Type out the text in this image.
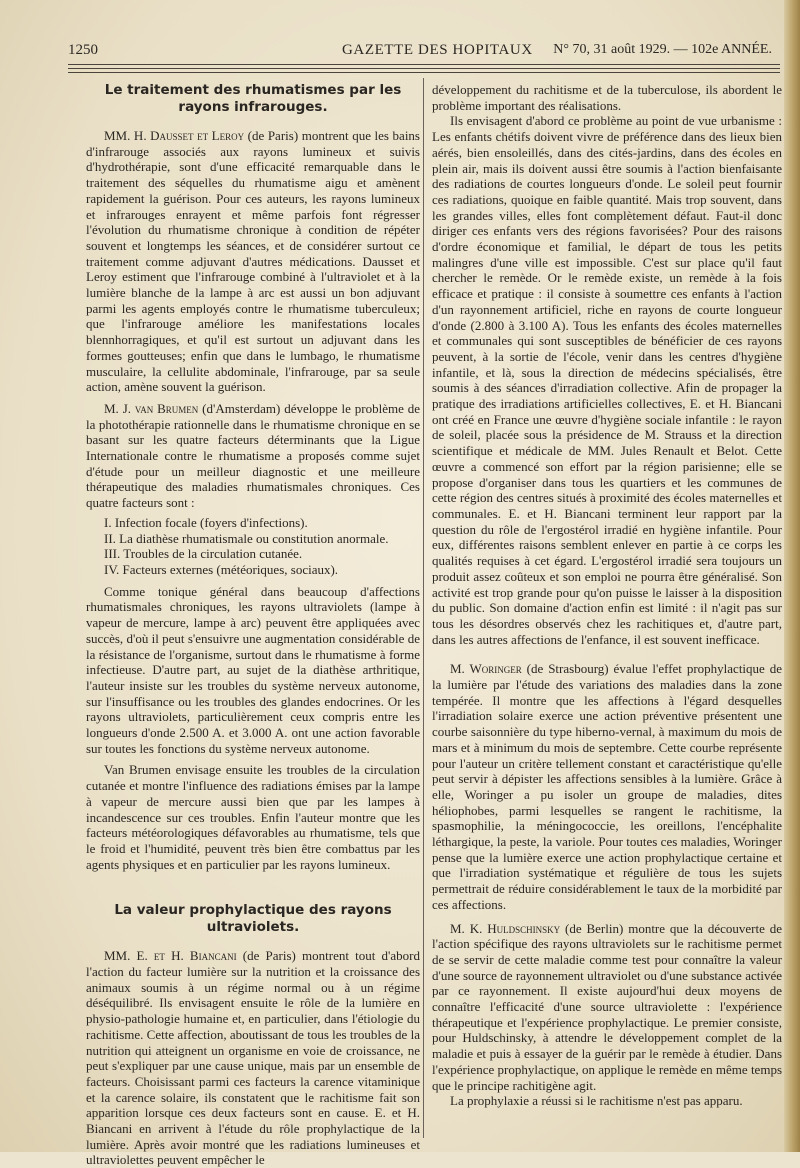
1250	GAZETTE DES HOPITAUX N° 70, 31 août 1929. — 102e ANNÉE.
Le traitement des rhumatismes par les rayons infrarouges.

MM. H. Dausset et Leroy (de Paris) montrent que les bains d'infrarouge associés aux rayons lumineux et suivis d'hydrothérapie, sont d'une efficacité remarquable dans le traitement des séquelles du rhumatisme aigu et amènent rapidement la guérison. Pour ces auteurs, les rayons lumineux et infrarouges enrayent et même parfois font régresser l'évolution du rhumatisme chronique à condition de répéter souvent et longtemps les séances, et de considérer surtout ce traitement comme adjuvant d'autres médications. Dausset et Leroy estiment que l'infrarouge combiné à l'ultraviolet et à la lumière blanche de la lampe à arc est aussi un bon adjuvant parmi les agents employés contre le rhumatisme tuberculeux; que l'infrarouge améliore les manifestations locales blennhorragiques, et qu'il est surtout un adjuvant dans les formes goutteuses; enfin que dans le lumbago, le rhumatisme musculaire, la cellulite abdominale, l'infrarouge, par sa seule action, amène souvent la guérison.

M. J. van Brumen (d'Amsterdam) développe le problème de la photothérapie rationnelle dans le rhumatisme chronique en se basant sur les quatre facteurs déterminants que la Ligue Internationale contre le rhumatisme a proposés comme sujet d'étude pour un meilleur diagnostic et une meilleure thérapeutique des maladies rhumatismales chroniques. Ces quatre facteurs sont :

I. Infection focale (foyers d'infections).

II. La diathèse rhumatismale ou constitution anormale.

III. Troubles de la circulation cutanée.

IV. Facteurs externes (météoriques, sociaux).

Comme tonique général dans beaucoup d'affections rhumatismales chroniques, les rayons ultraviolets (lampe à vapeur de mercure, lampe à arc) peuvent être appliquées avec succès, d'où il peut s'ensuivre une augmentation considérable de la résistance de l'organisme, surtout dans le rhumatisme à forme infectieuse. D'autre part, au sujet de la diathèse arthritique, l'auteur insiste sur les troubles du système nerveux autonome, sur l'insuffisance ou les troubles des glandes endocrines. Or les rayons ultraviolets, particulièrement ceux compris entre les longueurs d'onde 2.500 A. et 3.000 A. ont une action favorable sur toutes les fonctions du système nerveux autonome.

Van Brumen envisage ensuite les troubles de la circulation cutanée et montre l'influence des radiations émises par la lampe à vapeur de mercure aussi bien que par les lampes à incandescence sur ces troubles. Enfin l'auteur montre que les facteurs météorologiques défavorables au rhumatisme, tels que le froid et l'humidité, peuvent très bien être combattus par les agents physiques et en particulier par les rayons lumineux.

La valeur prophylactique des rayons ultraviolets.

MM. E. et H. Biancani (de Paris) montrent tout d'abord l'action du facteur lumière sur la nutrition et la croissance des animaux soumis à un régime normal ou à un régime déséquilibré. Ils envisagent ensuite le rôle de la lumière en physio-pathologie humaine et, en particulier, dans l'étiologie du rachitisme. Cette affection, aboutissant de tous les troubles de la nutrition qui atteignent un organisme en voie de croissance, ne peut s'expliquer par une cause unique, mais par un ensemble de facteurs. Choisissant parmi ces facteurs la carence vitaminique et la carence solaire, ils constatent que le rachitisme fait son apparition lorsque ces deux facteurs sont en cause. E. et H. Biancani en arrivent à l'étude du rôle prophylactique de la lumière. Après avoir montré que les radiations lumineuses et ultraviolettes peuvent empêcher le

développement du rachitisme et de la tuberculose, ils abordent le problème important des réalisations.

Ils envisagent d'abord ce problème au point de vue urbanisme : Les enfants chétifs doivent vivre de préférence dans des lieux bien aérés, bien ensoleillés, dans des cités-jardins, dans des écoles en plein air, mais ils doivent aussi être soumis à l'action bienfaisante des radiations de courtes longueurs d'onde. Le soleil peut fournir ces radiations, quoique en faible quantité. Mais trop souvent, dans les grandes villes, elles font complètement défaut. Faut-il donc diriger ces enfants vers des régions favorisées? Pour des raisons d'ordre économique et familial, le départ de tous les petits malingres d'une ville est impossible. C'est sur place qu'il faut chercher le remède. Or le remède existe, un remède à la fois efficace et pratique : il consiste à soumettre ces enfants à l'action d'un rayonnement artificiel, riche en rayons de courte longueur d'onde (2.800 à 3.100 A). Tous les enfants des écoles maternelles et communales qui sont susceptibles de bénéficier de ces rayons peuvent, à la sortie de l'école, venir dans les centres d'hygiène infantile, et là, sous la direction de médecins spécialisés, être soumis à des séances d'irradiation collective. Afin de propager la pratique des irradiations artificielles collectives, E. et H. Biancani ont créé en France une œuvre d'hygiène sociale infantile : le rayon de soleil, placée sous la présidence de M. Strauss et la direction scientifique et médicale de MM. Jules Renault et Belot. Cette œuvre a commencé son effort par la région parisienne; elle se propose d'organiser dans tous les quartiers et les communes de cette région des centres situés à proximité des écoles maternelles et communales. E. et H. Biancani terminent leur rapport par la question du rôle de l'ergostérol irradié en hygiène infantile. Pour eux, différentes raisons semblent enlever en partie à ce corps les qualités requises à cet égard. L'ergostérol irradié sera toujours un produit assez coûteux et son emploi ne pourra être généralisé. Son activité est trop grande pour qu'on puisse le laisser à la disposition du public. Son domaine d'action enfin est limité : il n'agit pas sur tous les désordres observés chez les rachitiques et, d'autre part, dans les autres affections de l'enfance, il est souvent inefficace.

M. Woringer (de Strasbourg) évalue l'effet prophylactique de la lumière par l'étude des variations des maladies dans la zone tempérée. Il montre que les affections à l'égard desquelles l'irradiation solaire exerce une action préventive présentent une courbe saisonnière du type hiberno-vernal, à maximum du mois de mars et à minimum du mois de septembre. Cette courbe représente pour l'auteur un critère tellement constant et caractéristique qu'elle peut servir à dépister les affections sensibles à la lumière. Grâce à elle, Woringer a pu isoler un groupe de maladies, dites héliophobes, parmi lesquelles se rangent le rachitisme, la spasmophilie, la méningococcie, les oreillons, l'encéphalite léthargique, la peste, la variole. Pour toutes ces maladies, Woringer pense que la lumière exerce une action prophylactique certaine et que l'irradiation systématique et régulière de tous les sujets permettrait de réduire considérablement le taux de la morbidité par ces affections.

M. K. Huldschinsky (de Berlin) montre que la découverte de l'action spécifique des rayons ultraviolets sur le rachitisme permet de se servir de cette maladie comme test pour connaître la valeur d'une source de rayonnement ultraviolet ou d'une substance activée par ce rayonnement. Il existe aujourd'hui deux moyens de connaître l'efficacité d'une source ultraviolette : l'expérience thérapeutique et l'expérience prophylactique. Le premier consiste, pour Huldschinsky, à attendre le développement complet de la maladie et puis à essayer de la guérir par le remède à étudier. Dans l'expérience prophylactique, on applique le remède en même temps que le principe rachitigène agit.

La prophylaxie a réussi si le rachitisme n'est pas apparu.
